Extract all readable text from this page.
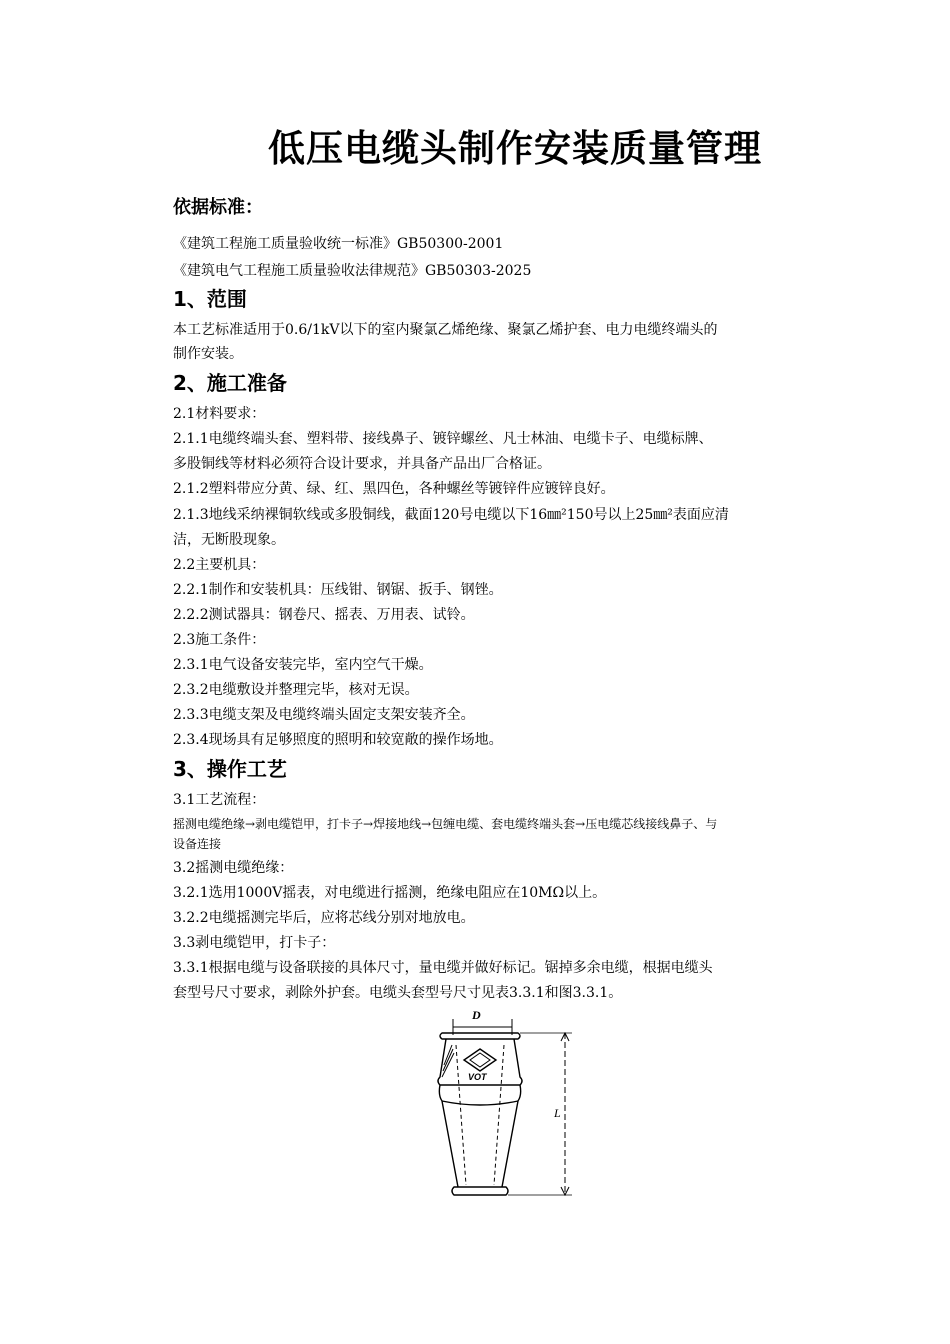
低压电缆头制作安装质量管理
依据标准：

《建筑工程施工质量验收统一标准》GB50300-2001

《建筑电气工程施工质量验收法律规范》GB50303-2025

1、范围

本工艺标准适用于0.6/1kV以下的室内聚氯乙烯绝缘、聚氯乙烯护套、电力电缆终端头的

制作安装。

2、施工准备

2.1材料要求：

2.1.1电缆终端头套、塑料带、接线鼻子、镀锌螺丝、凡士林油、电缆卡子、电缆标牌、

多股铜线等材料必须符合设计要求，并具备产品出厂合格证。

2.1.2塑料带应分黄、绿、红、黑四色，各种螺丝等镀锌件应镀锌良好。

2.1.3地线采纳裸铜软线或多股铜线，截面120号电缆以下16㎜²150号以上25㎜²表面应清

洁，无断股现象。

2.2主要机具：

2.2.1制作和安装机具：压线钳、钢锯、扳手、钢锉。

2.2.2测试器具：钢卷尺、摇表、万用表、试铃。

2.3施工条件：

2.3.1电气设备安装完毕，室内空气干燥。

2.3.2电缆敷设并整理完毕，核对无误。

2.3.3电缆支架及电缆终端头固定支架安装齐全。

2.3.4现场具有足够照度的照明和较宽敞的操作场地。

3、操作工艺

3.1工艺流程：

摇测电缆绝缘→剥电缆铠甲，打卡子→焊接地线→包缠电缆、套电缆终端头套→压电缆芯线接线鼻子、与

设备连接

3.2摇测电缆绝缘：

3.2.1选用1000V摇表，对电缆进行摇测，绝缘电阻应在10MΩ以上。

3.2.2电缆摇测完毕后，应将芯线分别对地放电。

3.3剥电缆铠甲，打卡子：

3.3.1根据电缆与设备联接的具体尺寸，量电缆并做好标记。锯掉多余电缆，根据电缆头

套型号尺寸要求，剥除外护套。电缆头套型号尺寸见表3.3.1和图3.3.1。

D
L
VOT
